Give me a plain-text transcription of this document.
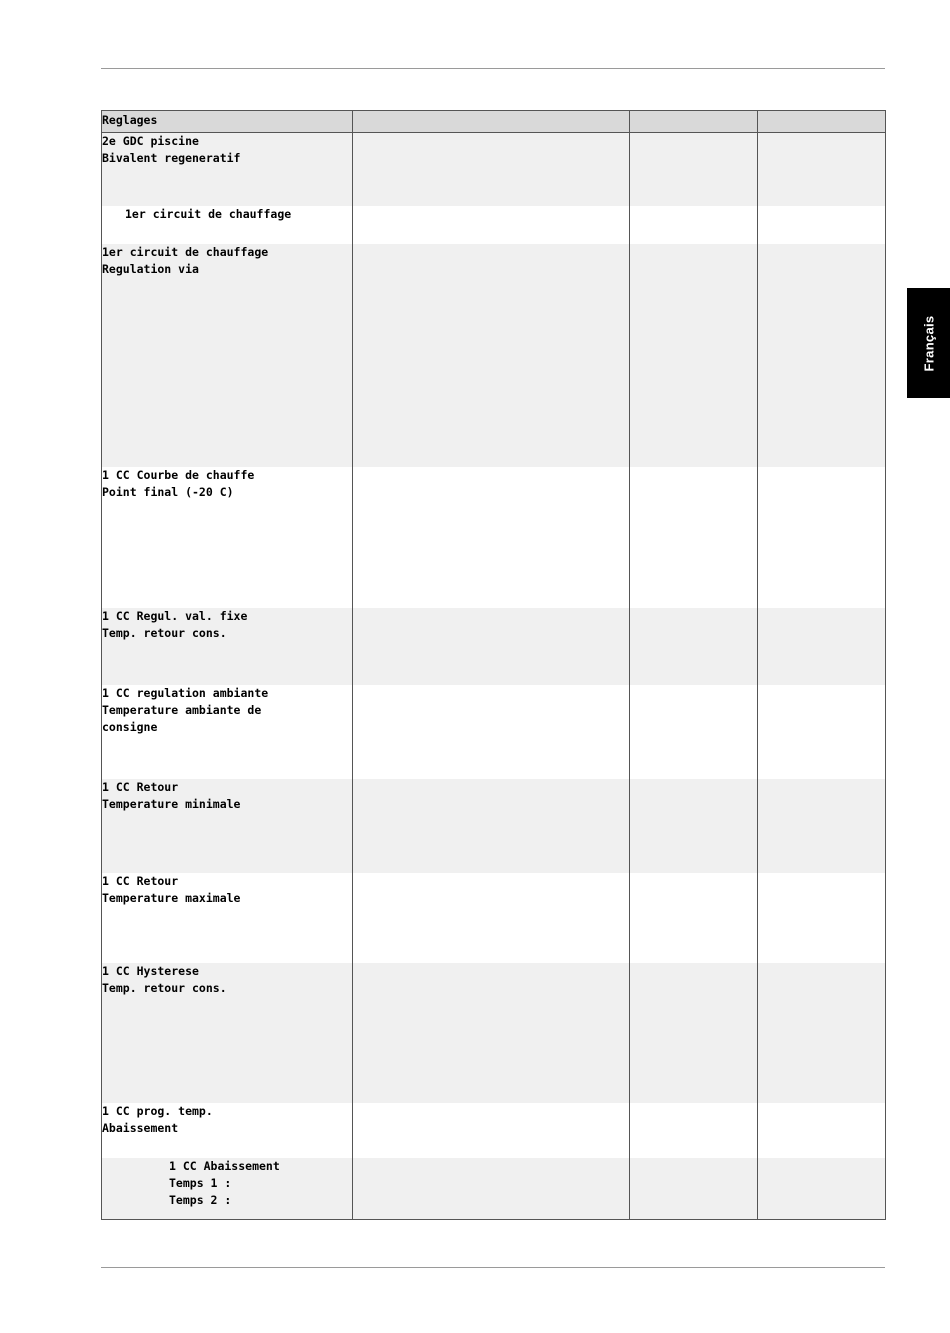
Français
Reglages			

2e GDC piscine
Bivalent regeneratif			

1er circuit de chauffage			

1er circuit de chauffage
Regulation via			

1 CC Courbe de chauffe
Point final (-20 C)			

1 CC Regul. val. fixe
Temp. retour cons.			

1 CC regulation ambiante
Temperature ambiante de
consigne			

1 CC Retour
Temperature minimale			

1 CC Retour
Temperature maximale			

1 CC Hysterese
Temp. retour cons.			

1 CC prog. temp.
Abaissement			

1 CC Abaissement
Temps 1 :
Temps 2 :			
